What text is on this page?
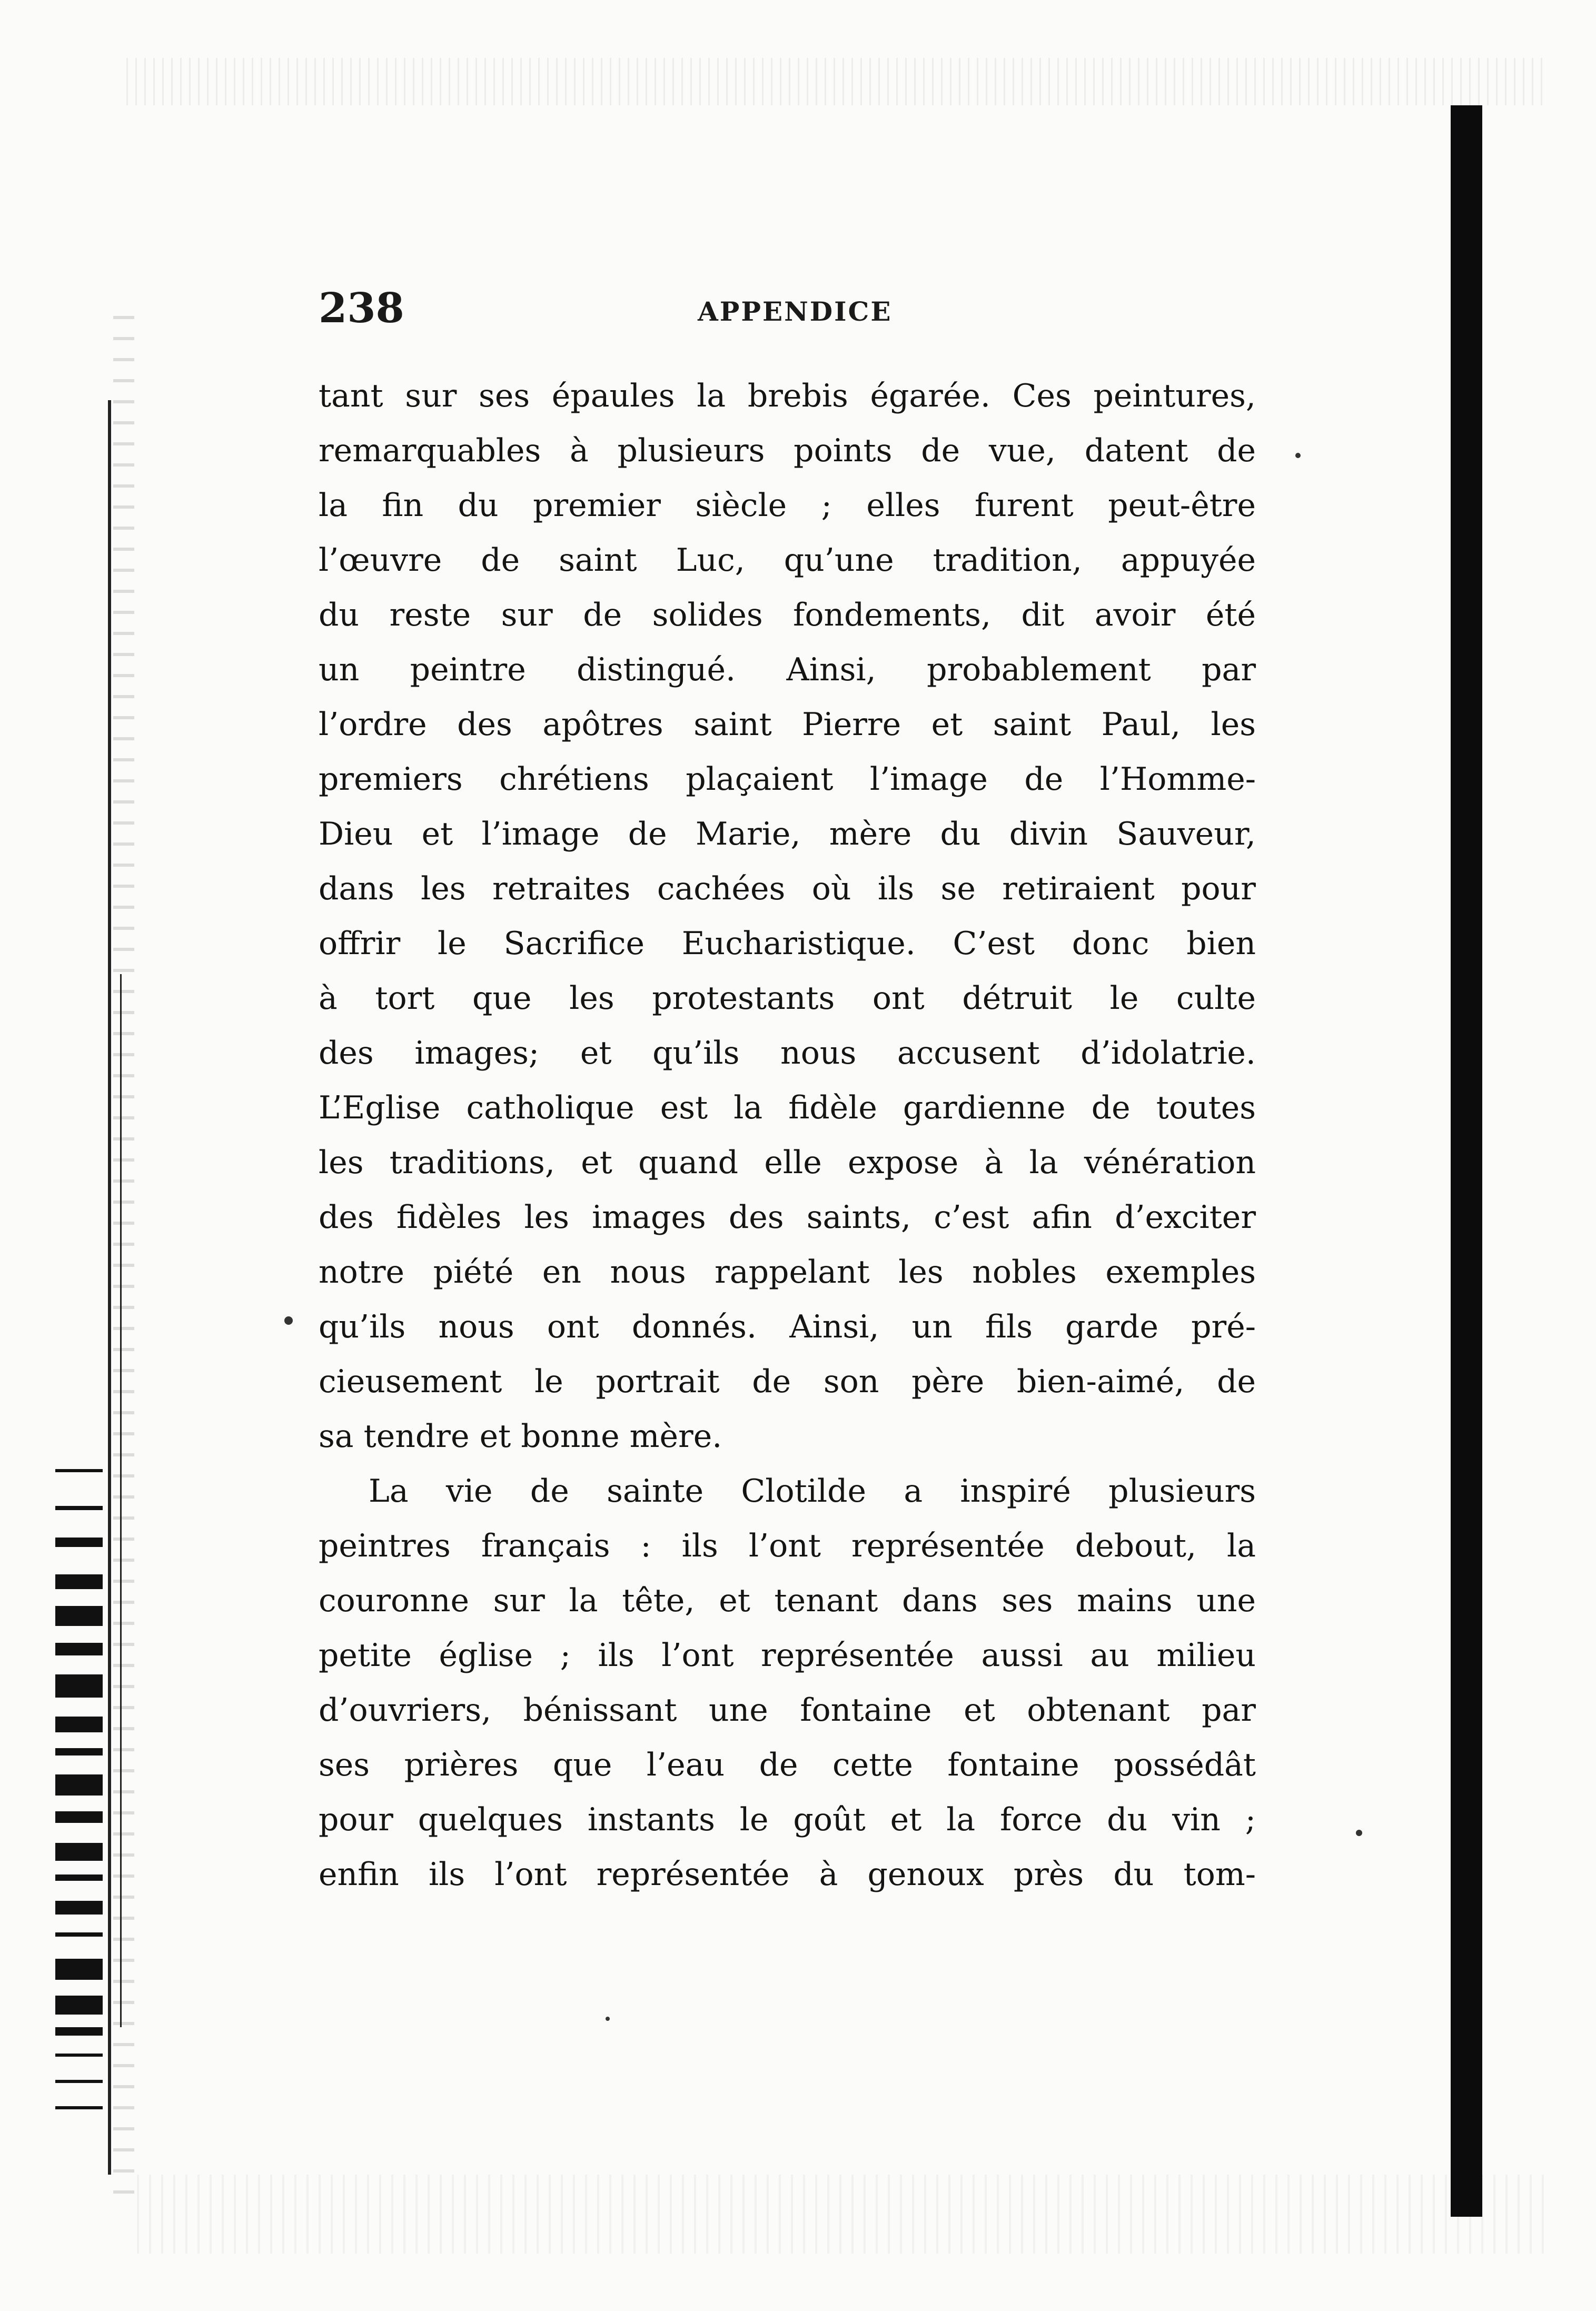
238	APPENDICE
tant sur ses épaules la brebis égarée. Ces peintures,
remarquables à plusieurs points de vue, datent de
la fin du premier siècle ; elles furent peut-être
l’œuvre de saint Luc, qu’une tradition, appuyée
du reste sur de solides fondements, dit avoir été
un peintre distingué. Ainsi, probablement par
l’ordre des apôtres saint Pierre et saint Paul, les
premiers chrétiens plaçaient l’image de l’Homme-
Dieu et l’image de Marie, mère du divin Sauveur,
dans les retraites cachées où ils se retiraient pour
offrir le Sacrifice Eucharistique. C’est donc bien
à tort que les protestants ont détruit le culte
des images; et qu’ils nous accusent d’idolatrie.
L’Eglise catholique est la fidèle gardienne de toutes
les traditions, et quand elle expose à la vénération
des fidèles les images des saints, c’est afin d’exciter
notre piété en nous rappelant les nobles exemples
qu’ils nous ont donnés. Ainsi, un fils garde pré-
cieusement le portrait de son père bien-aimé, de
sa tendre et bonne mère.
La vie de sainte Clotilde a inspiré plusieurs
peintres français : ils l’ont représentée debout, la
couronne sur la tête, et tenant dans ses mains une
petite église ; ils l’ont représentée aussi au milieu
d’ouvriers, bénissant une fontaine et obtenant par
ses prières que l’eau de cette fontaine possédât
pour quelques instants le goût et la force du vin ;
enfin ils l’ont représentée à genoux près du tom-
